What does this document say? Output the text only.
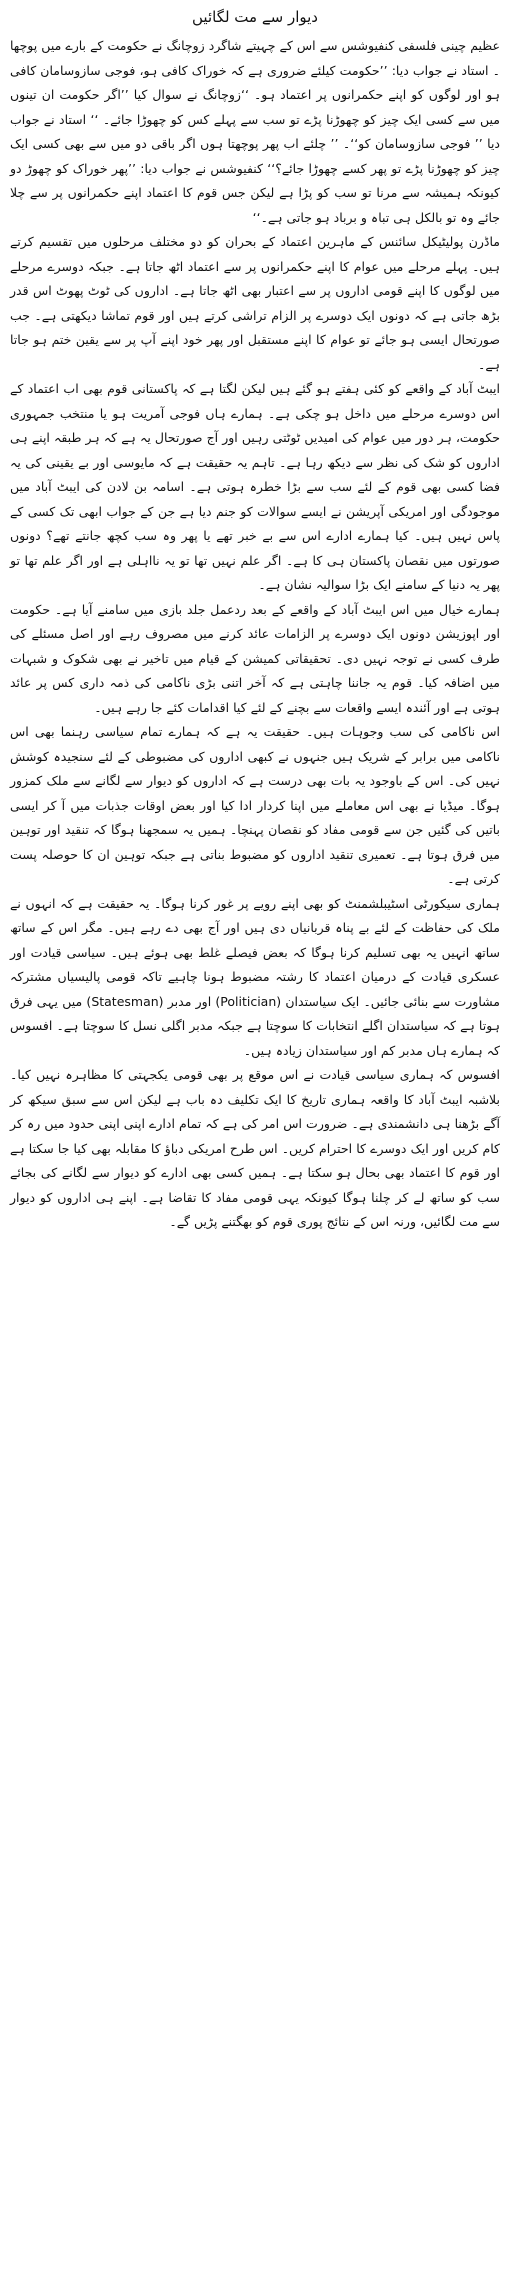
دیوار سے مت لگائیں

عظیم چینی فلسفی کنفیوشس سے اس کے چہیتے شاگرد زوچانگ نے حکومت کے بارے میں پوچھا ۔ استاد نے جواب دیا: ’’حکومت کیلئے ضروری ہے کہ خوراک کافی ہو، فوجی سازوسامان کافی ہو اور لوگوں کو اپنے حکمرانوں پر اعتماد ہو۔ ‘‘زوچانگ نے سوال کیا ’’اگر حکومت ان تینوں میں سے کسی ایک چیز کو چھوڑنا پڑے تو سب سے پہلے کس کو چھوڑا جائے۔ ‘‘ استاد نے جواب دیا ’’ فوجی سازوسامان کو‘‘۔ ’’ چلئے اب پھر پوچھتا ہوں اگر باقی دو میں سے بھی کسی ایک چیز کو چھوڑنا پڑے تو پھر کسے چھوڑا جائے؟‘‘ کنفیوشس نے جواب دیا: ’’پھر خوراک کو چھوڑ دو کیونکہ ہمیشہ سے مرنا تو سب کو پڑا ہے لیکن جس قوم کا اعتماد اپنے حکمرانوں پر سے چلا جائے وہ تو بالکل ہی تباہ و برباد ہو جاتی ہے۔‘‘

ماڈرن پولیٹیکل سائنس کے ماہرین اعتماد کے بحران کو دو مختلف مرحلوں میں تقسیم کرتے ہیں۔ پہلے مرحلے میں عوام کا اپنے حکمرانوں پر سے اعتماد اٹھ جاتا ہے۔ جبکہ دوسرے مرحلے میں لوگوں کا اپنے قومی اداروں پر سے اعتبار بھی اٹھ جاتا ہے۔ اداروں کی ٹوٹ پھوٹ اس قدر بڑھ جاتی ہے کہ دونوں ایک دوسرے پر الزام تراشی کرتے ہیں اور قوم تماشا دیکھتی ہے۔ جب صورتحال ایسی ہو جائے تو عوام کا اپنے مستقبل اور پھر خود اپنے آپ پر سے یقین ختم ہو جاتا ہے۔

ایبٹ آباد کے واقعے کو کئی ہفتے ہو گئے ہیں لیکن لگتا ہے کہ پاکستانی قوم بھی اب اعتماد کے اس دوسرے مرحلے میں داخل ہو چکی ہے۔ ہمارے ہاں فوجی آمریت ہو یا منتخب جمہوری حکومت، ہر دور میں عوام کی امیدیں ٹوٹتی رہیں اور آج صورتحال یہ ہے کہ ہر طبقہ اپنے ہی اداروں کو شک کی نظر سے دیکھ رہا ہے۔ تاہم یہ حقیقت ہے کہ مایوسی اور بے یقینی کی یہ فضا کسی بھی قوم کے لئے سب سے بڑا خطرہ ہوتی ہے۔ اسامہ بن لادن کی ایبٹ آباد میں موجودگی اور امریکی آپریشن نے ایسے سوالات کو جنم دیا ہے جن کے جواب ابھی تک کسی کے پاس نہیں ہیں۔ کیا ہمارے ادارے اس سے بے خبر تھے یا پھر وہ سب کچھ جانتے تھے؟ دونوں صورتوں میں نقصان پاکستان ہی کا ہے۔ اگر علم نہیں تھا تو یہ نااہلی ہے اور اگر علم تھا تو پھر یہ دنیا کے سامنے ایک بڑا سوالیہ نشان ہے۔

ہمارے خیال میں اس ایبٹ آباد کے واقعے کے بعد ردعمل جلد بازی میں سامنے آیا ہے۔ حکومت اور اپوزیشن دونوں ایک دوسرے پر الزامات عائد کرنے میں مصروف رہے اور اصل مسئلے کی طرف کسی نے توجہ نہیں دی۔ تحقیقاتی کمیشن کے قیام میں تاخیر نے بھی شکوک و شبہات میں اضافہ کیا۔ قوم یہ جاننا چاہتی ہے کہ آخر اتنی بڑی ناکامی کی ذمہ داری کس پر عائد ہوتی ہے اور آئندہ ایسے واقعات سے بچنے کے لئے کیا اقدامات کئے جا رہے ہیں۔

اس ناکامی کی سب وجوہات ہیں۔ حقیقت یہ ہے کہ ہمارے تمام سیاسی رہنما بھی اس ناکامی میں برابر کے شریک ہیں جنہوں نے کبھی اداروں کی مضبوطی کے لئے سنجیدہ کوشش نہیں کی۔ اس کے باوجود یہ بات بھی درست ہے کہ اداروں کو دیوار سے لگانے سے ملک کمزور ہوگا۔ میڈیا نے بھی اس معاملے میں اپنا کردار ادا کیا اور بعض اوقات جذبات میں آ کر ایسی باتیں کی گئیں جن سے قومی مفاد کو نقصان پہنچا۔ ہمیں یہ سمجھنا ہوگا کہ تنقید اور توہین میں فرق ہوتا ہے۔ تعمیری تنقید اداروں کو مضبوط بناتی ہے جبکہ توہین ان کا حوصلہ پست کرتی ہے۔

ہماری سیکورٹی اسٹیبلشمنٹ کو بھی اپنے رویے پر غور کرنا ہوگا۔ یہ حقیقت ہے کہ انہوں نے ملک کی حفاظت کے لئے بے پناہ قربانیاں دی ہیں اور آج بھی دے رہے ہیں۔ مگر اس کے ساتھ ساتھ انہیں یہ بھی تسلیم کرنا ہوگا کہ بعض فیصلے غلط بھی ہوئے ہیں۔ سیاسی قیادت اور عسکری قیادت کے درمیان اعتماد کا رشتہ مضبوط ہونا چاہیے تاکہ قومی پالیسیاں مشترکہ مشاورت سے بنائی جائیں۔ ایک سیاستدان (Politician) اور مدبر (Statesman) میں یہی فرق ہوتا ہے کہ سیاستدان اگلے انتخابات کا سوچتا ہے جبکہ مدبر اگلی نسل کا سوچتا ہے۔ افسوس کہ ہمارے ہاں مدبر کم اور سیاستدان زیادہ ہیں۔

افسوس کہ ہماری سیاسی قیادت نے اس موقع پر بھی قومی یکجہتی کا مظاہرہ نہیں کیا۔ بلاشبہ ایبٹ آباد کا واقعہ ہماری تاریخ کا ایک تکلیف دہ باب ہے لیکن اس سے سبق سیکھ کر آگے بڑھنا ہی دانشمندی ہے۔ ضرورت اس امر کی ہے کہ تمام ادارے اپنی اپنی حدود میں رہ کر کام کریں اور ایک دوسرے کا احترام کریں۔ اس طرح امریکی دباؤ کا مقابلہ بھی کیا جا سکتا ہے اور قوم کا اعتماد بھی بحال ہو سکتا ہے۔ ہمیں کسی بھی ادارے کو دیوار سے لگانے کی بجائے سب کو ساتھ لے کر چلنا ہوگا کیونکہ یہی قومی مفاد کا تقاضا ہے۔ اپنے ہی اداروں کو دیوار سے مت لگائیں، ورنہ اس کے نتائج پوری قوم کو بھگتنے پڑیں گے۔
